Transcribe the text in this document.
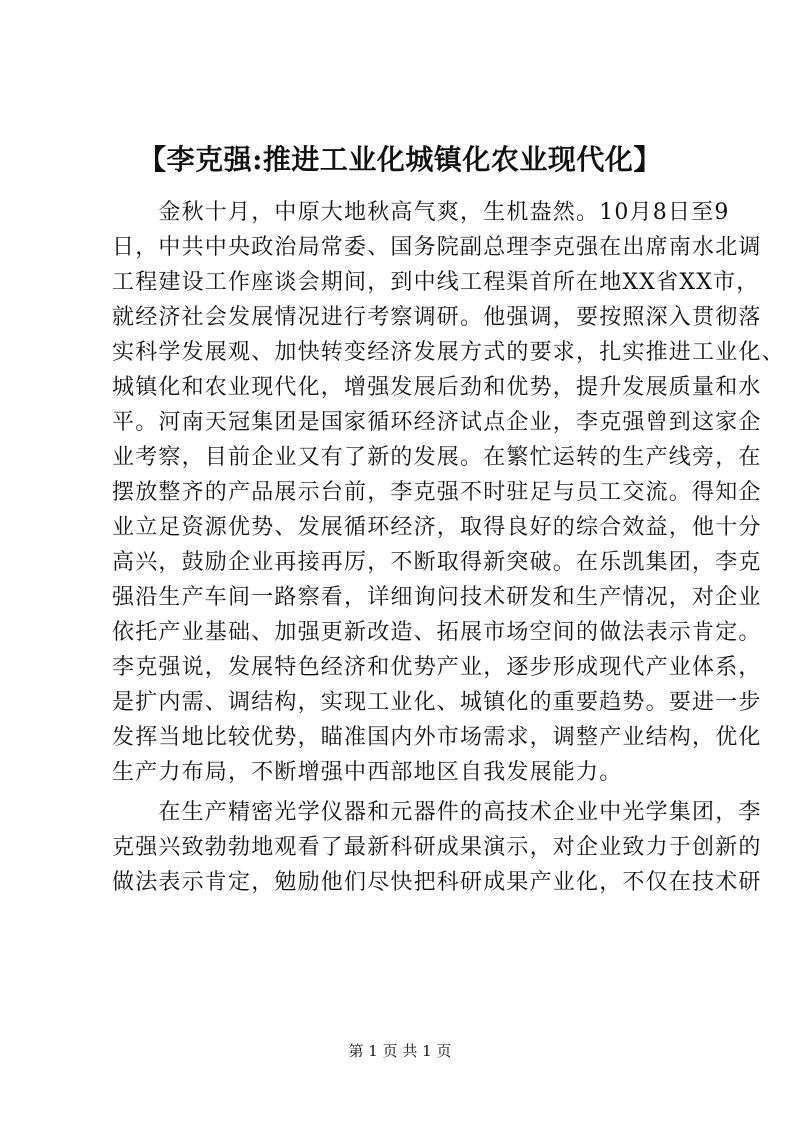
【李克强:推进工业化城镇化农业现代化】
　　金秋十月，中原大地秋高气爽，生机盎然。10月8日至9
日，中共中央政治局常委、国务院副总理李克强在出席南水北调
工程建设工作座谈会期间，到中线工程渠首所在地XX省XX市，
就经济社会发展情况进行考察调研。他强调，要按照深入贯彻落
实科学发展观、加快转变经济发展方式的要求，扎实推进工业化、
城镇化和农业现代化，增强发展后劲和优势，提升发展质量和水
平。河南天冠集团是国家循环经济试点企业，李克强曾到这家企
业考察，目前企业又有了新的发展。在繁忙运转的生产线旁，在
摆放整齐的产品展示台前，李克强不时驻足与员工交流。得知企
业立足资源优势、发展循环经济，取得良好的综合效益，他十分
高兴，鼓励企业再接再厉，不断取得新突破。在乐凯集团，李克
强沿生产车间一路察看，详细询问技术研发和生产情况，对企业
依托产业基础、加强更新改造、拓展市场空间的做法表示肯定。
李克强说，发展特色经济和优势产业，逐步形成现代产业体系，
是扩内需、调结构，实现工业化、城镇化的重要趋势。要进一步
发挥当地比较优势，瞄准国内外市场需求，调整产业结构，优化
生产力布局，不断增强中西部地区自我发展能力。
　　在生产精密光学仪器和元器件的高技术企业中光学集团，李
克强兴致勃勃地观看了最新科研成果演示，对企业致力于创新的
做法表示肯定，勉励他们尽快把科研成果产业化，不仅在技术研
第 1 页 共 1 页
